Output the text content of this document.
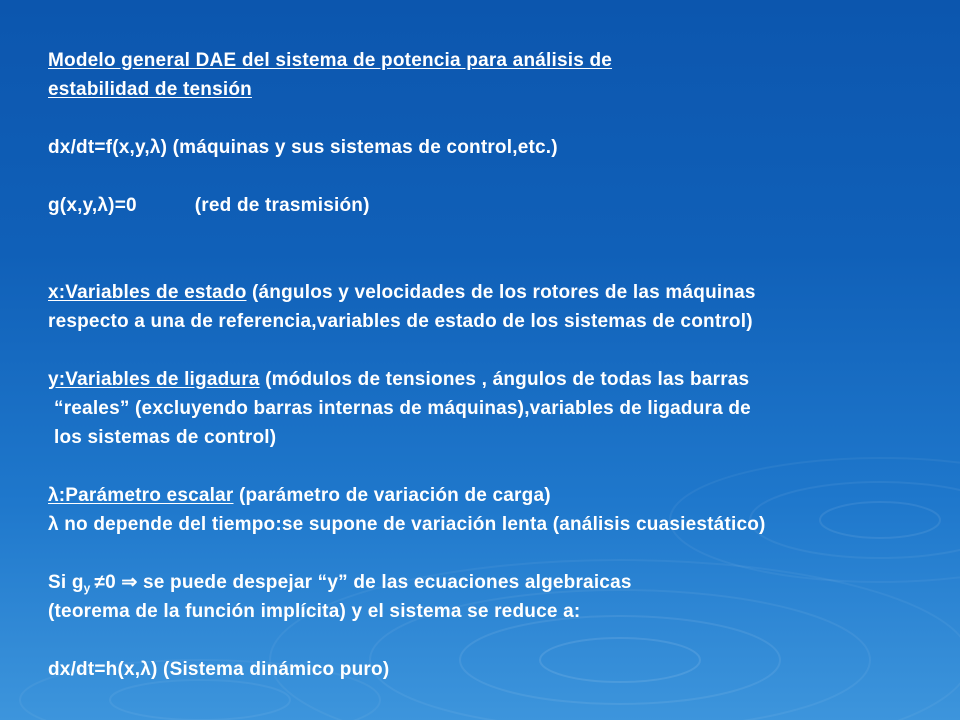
Modelo general DAE del sistema de potencia para análisis de
estabilidad de tensión
dx/dt=f(x,y,λ) (máquinas y sus sistemas de control,etc.)
g(x,y,λ)=0	(red de trasmisión)
x:Variables de estado (ángulos y velocidades de los rotores de las máquinas
respecto a una de referencia,variables de estado de los sistemas de control)
y:Variables de ligadura (módulos de tensiones , ángulos de todas las barras
“reales” (excluyendo barras internas de máquinas),variables de ligadura de
los sistemas de control)
λ:Parámetro escalar (parámetro de variación de carga)
λ no depende del tiempo:se supone de variación lenta (análisis cuasiestático)
Si $g_y \ne 0$ ⇒ se puede despejar “y” de las ecuaciones algebraicas
(teorema de la función implícita) y el sistema se reduce a:
dx/dt=h(x,λ) (Sistema dinámico puro)
